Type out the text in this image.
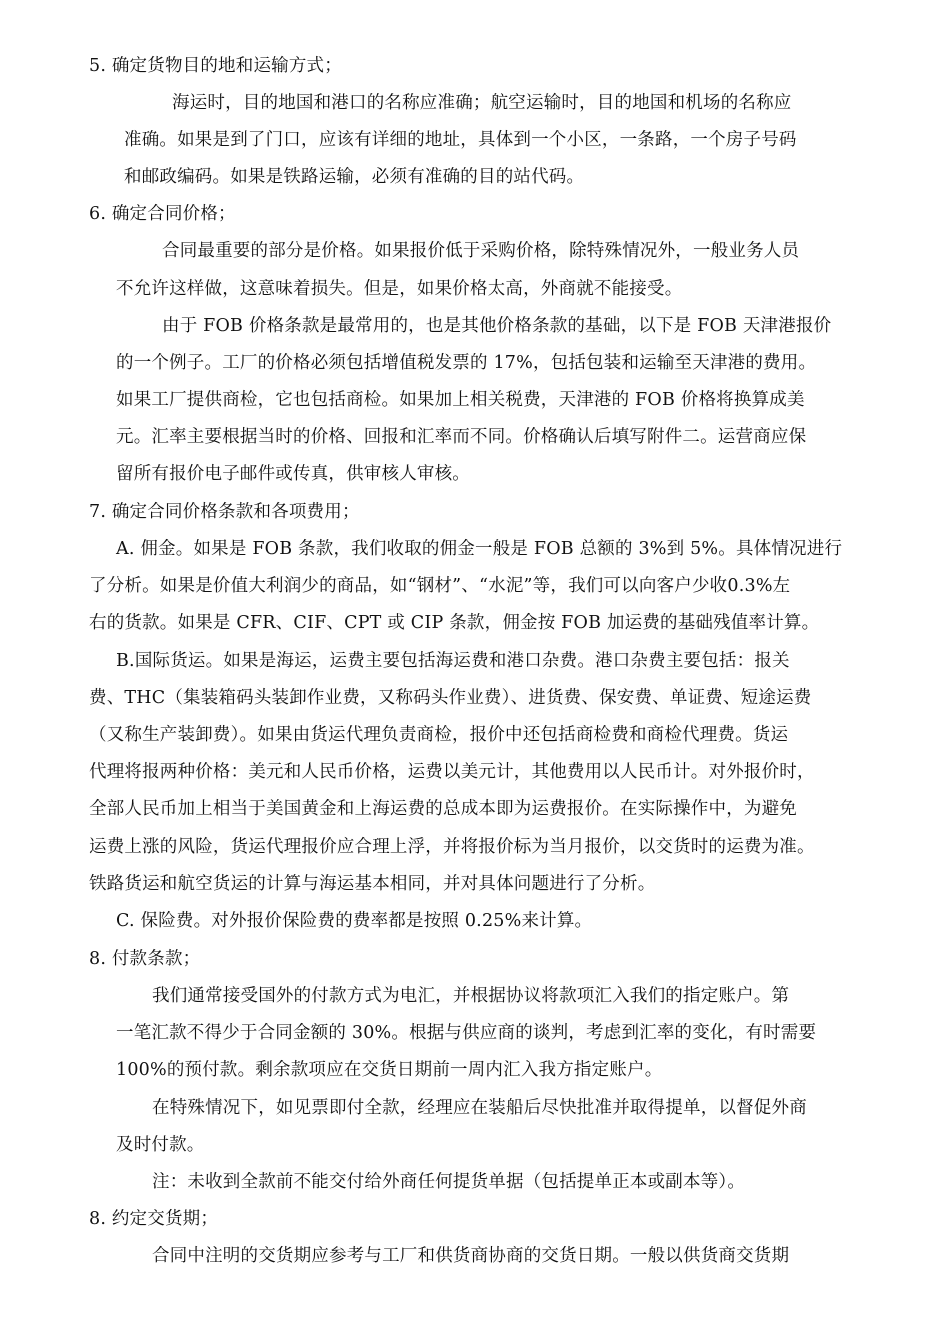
5. 确定货物目的地和运输方式；
海运时，目的地国和港口的名称应准确；航空运输时，目的地国和机场的名称应
准确。如果是到了门口，应该有详细的地址，具体到一个小区，一条路，一个房子号码
和邮政编码。如果是铁路运输，必须有准确的目的站代码。
6. 确定合同价格；
合同最重要的部分是价格。如果报价低于采购价格，除特殊情况外，一般业务人员
不允许这样做，这意味着损失。但是，如果价格太高，外商就不能接受。
由于 FOB 价格条款是最常用的，也是其他价格条款的基础，以下是 FOB 天津港报价
的一个例子。工厂的价格必须包括增值税发票的 17%，包括包装和运输至天津港的费用。
如果工厂提供商检，它也包括商检。如果加上相关税费，天津港的 FOB 价格将换算成美
元。汇率主要根据当时的价格、回报和汇率而不同。价格确认后填写附件二。运营商应保
留所有报价电子邮件或传真，供审核人审核。
7. 确定合同价格条款和各项费用；
A. 佣金。如果是 FOB 条款，我们收取的佣金一般是 FOB 总额的 3%到 5%。具体情况进行
了分析。如果是价值大利润少的商品，如“钢材”、“水泥”等，我们可以向客户少收0.3%左
右的货款。如果是 CFR、CIF、CPT 或 CIP 条款，佣金按 FOB 加运费的基础残值率计算。
B.国际货运。如果是海运，运费主要包括海运费和港口杂费。港口杂费主要包括：报关
费、THC（集装箱码头装卸作业费，又称码头作业费）、进货费、保安费、单证费、短途运费
（又称生产装卸费）。如果由货运代理负责商检，报价中还包括商检费和商检代理费。货运
代理将报两种价格：美元和人民币价格，运费以美元计，其他费用以人民币计。对外报价时，
全部人民币加上相当于美国黄金和上海运费的总成本即为运费报价。在实际操作中，为避免
运费上涨的风险，货运代理报价应合理上浮，并将报价标为当月报价，以交货时的运费为准。
铁路货运和航空货运的计算与海运基本相同，并对具体问题进行了分析。
C. 保险费。对外报价保险费的费率都是按照 0.25%来计算。
8. 付款条款；
我们通常接受国外的付款方式为电汇，并根据协议将款项汇入我们的指定账户。第
一笔汇款不得少于合同金额的 30%。根据与供应商的谈判，考虑到汇率的变化，有时需要
100%的预付款。剩余款项应在交货日期前一周内汇入我方指定账户。
在特殊情况下，如见票即付全款，经理应在装船后尽快批准并取得提单，以督促外商
及时付款。
注：未收到全款前不能交付给外商任何提货单据（包括提单正本或副本等）。
8. 约定交货期；
合同中注明的交货期应参考与工厂和供货商协商的交货日期。一般以供货商交货期
